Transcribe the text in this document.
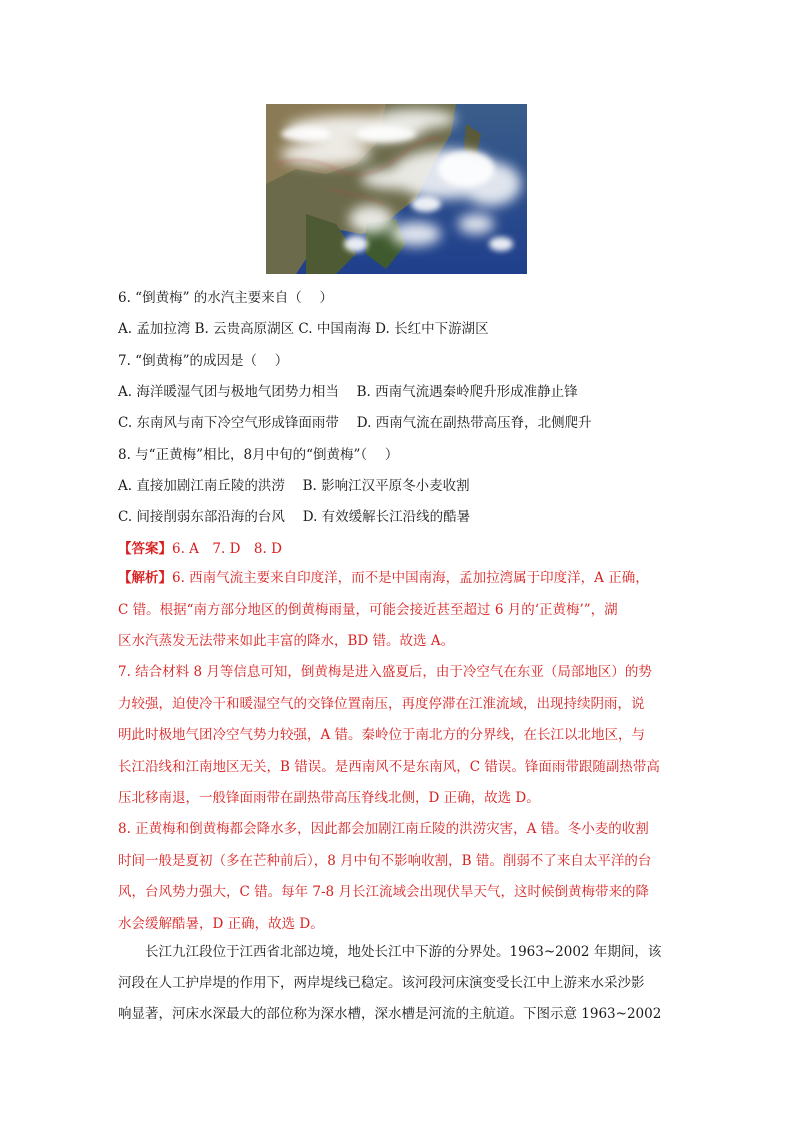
6. “倒黄梅” 的水汽主要来自（　 ）
A. 孟加拉湾 B. 云贵高原湖区 C. 中国南海 D. 长红中下游湖区
7. “倒黄梅”的成因是（　 ）
A. 海洋暖湿气团与极地气团势力相当　 B. 西南气流遇秦岭爬升形成准静止锋
C. 东南风与南下冷空气形成锋面雨带　 D. 西南气流在副热带高压脊，北侧爬升
8. 与“正黄梅”相比，8月中旬的“倒黄梅”（　 ）
A. 直接加剧江南丘陵的洪涝　 B. 影响江汉平原冬小麦收割
C. 间接削弱东部沿海的台风　 D. 有效缓解长江沿线的酷暑
【答案】6. A　7. D　8. D
【解析】6. 西南气流主要来自印度洋，而不是中国南海，孟加拉湾属于印度洋，A 正确，
C 错。根据“南方部分地区的倒黄梅雨量，可能会接近甚至超过 6 月的‘正黄梅’”，湖
区水汽蒸发无法带来如此丰富的降水，BD 错。故选 A。
7. 结合材料 8 月等信息可知，倒黄梅是进入盛夏后，由于冷空气在东亚（局部地区）的势
力较强，迫使冷干和暖湿空气的交锋位置南压，再度停滞在江淮流域，出现持续阴雨，说
明此时极地气团冷空气势力较强，A 错。秦岭位于南北方的分界线，在长江以北地区，与
长江沿线和江南地区无关，B 错误。是西南风不是东南风，C 错误。锋面雨带跟随副热带高
压北移南退，一般锋面雨带在副热带高压脊线北侧，D 正确，故选 D。
8. 正黄梅和倒黄梅都会降水多，因此都会加剧江南丘陵的洪涝灾害，A 错。冬小麦的收割
时间一般是夏初（多在芒种前后），8 月中旬不影响收割，B 错。削弱不了来自太平洋的台
风，台风势力强大，C 错。每年 7-8 月长江流域会出现伏旱天气，这时候倒黄梅带来的降
水会缓解酷暑，D 正确，故选 D。
　　长江九江段位于江西省北部边境，地处长江中下游的分界处。1963~2002 年期间，该
河段在人工护岸堤的作用下，两岸堤线已稳定。该河段河床演变受长江中上游来水采沙影
响显著，河床水深最大的部位称为深水槽，深水槽是河流的主航道。下图示意 1963~2002
